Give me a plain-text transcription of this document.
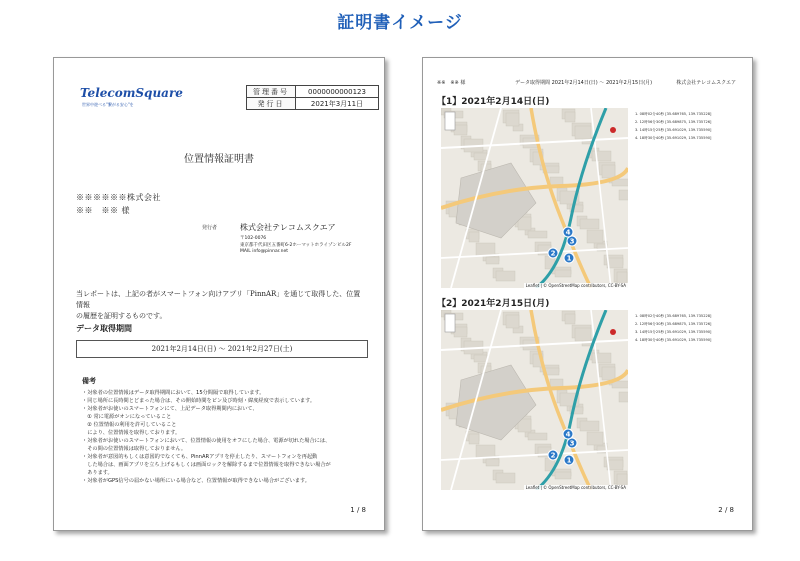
証明書イメージ
TelecomSquare
世界中遊べる"繋がる安心"を
管理番号	0000000000123
発行日	2021年3月11日
位置情報証明書
※※※※※※株式会社
※※　※※ 様
発行者	株式会社テレコムスクエア
〒102-0076
東京都千代田区五番町6-2ホーマットホライゾンビル2F
MAIL info@pinnar.net
当レポートは、上記の者がスマートフォン向けアプリ「PinnAR」を通じて取得した、位置情報
の履歴を証明するものです。
データ取得期間
2021年2月14日(日) 〜 2021年2月27日(土)
備考
・対象者の位置情報はデータ取得期間において、15分間隔で取得しています。
・同じ場所に長時間とどまった場合は、その開始時間をピン及び時刻・緯度経度で表示しています。
・対象者がお使いのスマートフォンにて、上記データ取得期間内において、
　① 常に電源がオンになっていること
　② 位置情報の利用を許可していること
　により、位置情報を取得しております。
・対象者がお使いのスマートフォンにおいて、位置情報の使用をオフにした場合、電源が切れた場合には、
　その間の位置情報は取得しておりません。
・対象者が意図的もしくは意図的でなくても、PinnARアプリを停止したり、スマートフォンを再起動
　した場合は、画面アプリを立ち上げるもしくは画面ロックを解除するまで位置情報を取得できない場合が
　あります。
・対象者がGPS信号の届かない場所にいる場合など、位置情報が取得できない場合がございます。
1 / 8
※※　※※ 様	データ取得期間 2021年2月14日(日) 〜 2021年2月15日(月)	株式会社テレコムスクエア
【1】2021年2月14日(日)
1
2
3
4
Leaflet | © OpenStreetMap contributors, CC-BY-SA
1. 08時02分40秒 [35.689765, 139.735228]
2. 12時56分30秒 [35.689875, 139.735726]
3. 14時15分25秒 [35.691029, 139.735590]
4. 18時30分40秒 [35.691029, 139.735590]
【2】2021年2月15日(月)
1
2
3
4
Leaflet | © OpenStreetMap contributors, CC-BY-SA
1. 08時02分40秒 [35.689765, 139.735228]
2. 12時56分30秒 [35.689875, 139.735726]
3. 14時15分25秒 [35.691029, 139.735590]
4. 18時30分40秒 [35.691029, 139.735590]
2 / 8
